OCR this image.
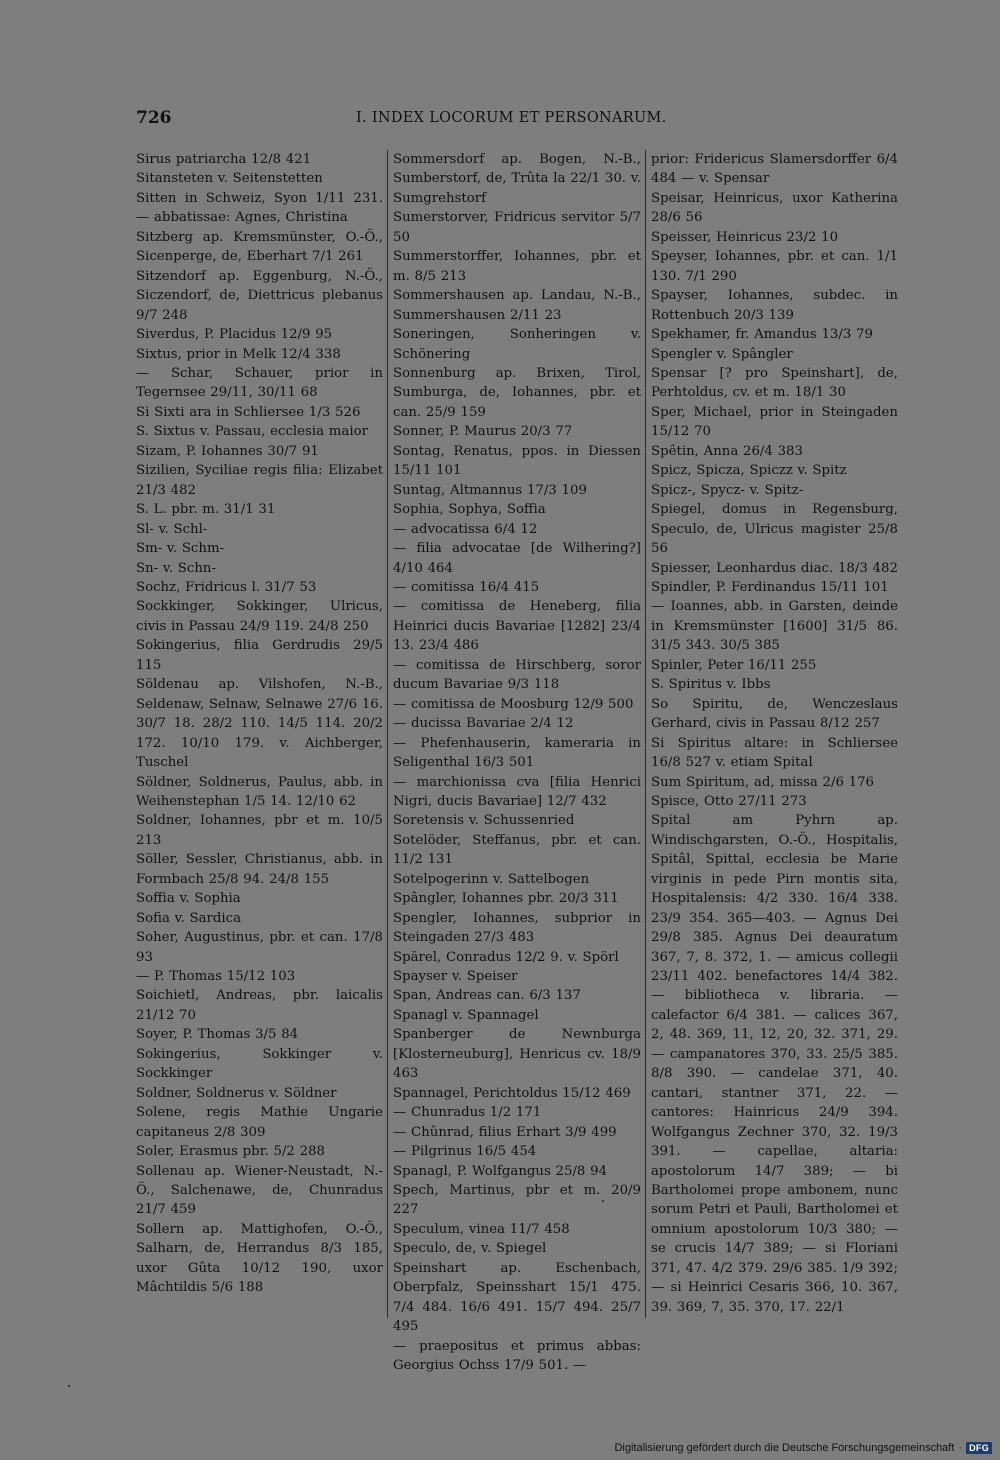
726	I. INDEX LOCORUM ET PERSONARUM.

Sirus patriarcha 12/8 421

Sitansteten v. Seitenstetten

Sitten in Schweiz, Syon 1/11 231. — abbatissae: Agnes, Christina

Sitzberg ap. Kremsmünster, O.-Ö., Sicenperge, de, Eberhart 7/1 261

Sitzendorf ap. Eggenburg, N.-Ö., Siczendorf, de, Diettricus plebanus 9/7 248

Siverdus, P. Placidus 12/9 95

Sixtus, prior in Melk 12/4 338

— Schar, Schauer, prior in Tegernsee 29/11, 30/11 68

Si Sixti ara in Schliersee 1/3 526

S. Sixtus v. Passau, ecclesia maior

Sizam, P. Iohannes 30/7 91

Sizilien, Syciliae regis filia: Elizabet 21/3 482

S. L. pbr. m. 31/1 31

Sl- v. Schl-

Sm- v. Schm-

Sn- v. Schn-

Sochz, Fridricus l. 31/7 53

Sockkinger, Sokkinger, Ulricus, civis in Passau 24/9 119. 24/8 250

Sokingerius, filia Gerdrudis 29/5 115

Söldenau ap. Vilshofen, N.-B., Seldenaw, Selnaw, Selnawe 27/6 16. 30/7 18. 28/2 110. 14/5 114. 20/2 172. 10/10 179. v. Aichberger, Tuschel

Söldner, Soldnerus, Paulus, abb. in Weihenstephan 1/5 14. 12/10 62

Soldner, Iohannes, pbr et m. 10/5 213

Söller, Sessler, Christianus, abb. in Formbach 25/8 94. 24/8 155

Soffia v. Sophia

Sofia v. Sardica

Soher, Augustinus, pbr. et can. 17/8 93

— P. Thomas 15/12 103

Soichietl, Andreas, pbr. laicalis 21/12 70

Soyer, P. Thomas 3/5 84

Sokingerius, Sokkinger v. Sockkinger

Soldner, Soldnerus v. Söldner

Solene, regis Mathie Ungarie capitaneus 2/8 309

Soler, Erasmus pbr. 5/2 288

Sollenau ap. Wiener-Neustadt, N.-Ö., Salchenawe, de, Chunradus 21/7 459

Sollern ap. Mattighofen, O.-Ö., Salharn, de, Herrandus 8/3 185, uxor Gûta 10/12 190, uxor Mâchtildis 5/6 188

Sommersdorf ap. Bogen, N.-B., Sumberstorf, de, Trûta la 22/1 30. v. Sumgrehstorf

Sumerstorver, Fridricus servitor 5/7 50

Summerstorffer, Iohannes, pbr. et m. 8/5 213

Sommershausen ap. Landau, N.-B., Summershausen 2/11 23

Soneringen, Sonheringen v. Schönering

Sonnenburg ap. Brixen, Tirol, Sumburga, de, Iohannes, pbr. et can. 25/9 159

Sonner, P. Maurus 20/3 77

Sontag, Renatus, ppos. in Diessen 15/11 101

Suntag, Altmannus 17/3 109

Sophia, Sophya, Soffia

— advocatissa 6/4 12

— filia advocatae [de Wilhering?] 4/10 464

— comitissa 16/4 415

— comitissa de Heneberg, filia Heinrici ducis Bavariae [1282] 23/4 13. 23/4 486

— comitissa de Hirschberg, soror ducum Bavariae 9/3 118

— comitissa de Moosburg 12/9 500

— ducissa Bavariae 2/4 12

— Phefenhauserin, kameraria in Seligenthal 16/3 501

— marchionissa cva [filia Henrici Nigri, ducis Bavariae] 12/7 432

Soretensis v. Schussenried

Sotelöder, Steffanus, pbr. et can. 11/2 131

Sotelpogerinn v. Sattelbogen

Spângler, Iohannes pbr. 20/3 311

Spengler, Iohannes, subprior in Steingaden 27/3 483

Spärel, Conradus 12/2 9. v. Spörl

Spayser v. Speiser

Span, Andreas can. 6/3 137

Spanagl v. Spannagel

Spanberger de Newnburga [Klosterneuburg], Henricus cv. 18/9 463

Spannagel, Perichtoldus 15/12 469

— Chunradus 1/2 171

— Chûnrad, filius Erhart 3/9 499

— Pilgrinus 16/5 454

Spanagl, P. Wolfgangus 25/8 94

Spech, Martinus, pbr et m. 20/9 227

Speculum, vinea 11/7 458

Speculo, de, v. Spiegel

Speinshart ap. Eschenbach, Oberpfalz, Speinsshart 15/1 475. 7/4 484. 16/6 491. 15/7 494. 25/7 495

— praepositus et primus abbas: Georgius Ochss 17/9 501. —

prior: Fridericus Slamersdorffer 6/4 484 — v. Spensar

Speisar, Heinricus, uxor Katherina 28/6 56

Speisser, Heinricus 23/2 10

Speyser, Iohannes, pbr. et can. 1/1 130. 7/1 290

Spayser, Iohannes, subdec. in Rottenbuch 20/3 139

Spekhamer, fr. Amandus 13/3 79

Spengler v. Spângler

Spensar [? pro Speinshart], de, Perhtoldus, cv. et m. 18/1 30

Sper, Michael, prior in Steingaden 15/12 70

Spêtin, Anna 26/4 383

Spicz, Spicza, Spiczz v. Spitz

Spicz-, Spycz- v. Spitz-

Spiegel, domus in Regensburg, Speculo, de, Ulricus magister 25/8 56

Spiesser, Leonhardus diac. 18/3 482

Spindler, P. Ferdinandus 15/11 101

— Ioannes, abb. in Garsten, deinde in Kremsmünster [1600] 31/5 86. 31/5 343. 30/5 385

Spinler, Peter 16/11 255

S. Spiritus v. Ibbs

So Spiritu, de, Wenczeslaus Gerhard, civis in Passau 8/12 257

Si Spiritus altare: in Schliersee 16/8 527 v. etiam Spital

Sum Spiritum, ad, missa 2/6 176

Spisce, Otto 27/11 273

Spital am Pyhrn ap. Windischgarsten, O.-Ö., Hospitalis, Spitâl, Spittal, ecclesia be Marie virginis in pede Pirn montis sita, Hospitalensis: 4/2 330. 16/4 338. 23/9 354. 365—403. — Agnus Dei 29/8 385. Agnus Dei deauratum 367, 7, 8. 372, 1. — amicus collegii 23/11 402. benefactores 14/4 382. — bibliotheca v. libraria. — calefactor 6/4 381. — calices 367, 2, 48. 369, 11, 12, 20, 32. 371, 29. — campanatores 370, 33. 25/5 385. 8/8 390. — candelae 371, 40. cantari, stantner 371, 22. — cantores: Hainricus 24/9 394. Wolfgangus Zechner 370, 32. 19/3 391. — capellae, altaria: apostolorum 14/7 389; — bi Bartholomei prope ambonem, nunc sorum Petri et Pauli, Bartholomei et omnium apostolorum 10/3 380; — se crucis 14/7 389; — si Floriani 371, 47. 4/2 379. 29/6 385. 1/9 392; — si Heinrici Cesaris 366, 10. 367, 39. 369, 7, 35. 370, 17. 22/1

Digitalisierung gefördert durch die Deutsche Forschungsgemeinschaft · DFG
